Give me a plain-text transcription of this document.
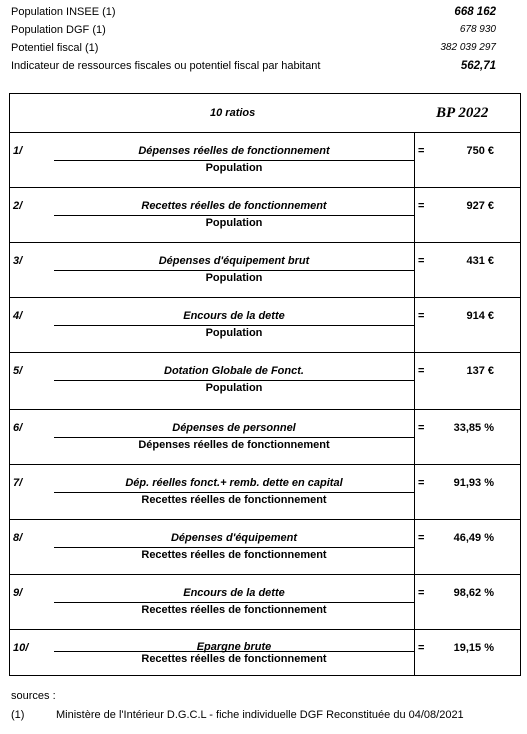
Population INSEE (1)	668 162
Population DGF (1)	678 930
Potentiel fiscal (1)	382 039 297
Indicateur de ressources fiscales ou potentiel fiscal par habitant	562,71
10 ratios	BP 2022
1/	Dépenses réelles de fonctionnement
Population
=	750 €
2/	Recettes réelles de fonctionnement
Population
=	927 €
3/	Dépenses d'équipement brut
Population
=	431 €
4/	Encours de la dette
Population
=	914 €
5/	Dotation Globale de Fonct.
Population
=	137 €
6/	Dépenses de personnel
Dépenses réelles de fonctionnement
=	33,85 %
7/	Dép. réelles fonct.+ remb. dette en capital
Recettes réelles de fonctionnement
=	91,93 %
8/	Dépenses d'équipement
Recettes réelles de fonctionnement
=	46,49 %
9/	Encours de la dette
Recettes réelles de fonctionnement
=	98,62 %
10/	Epargne brute
Recettes réelles de fonctionnement
=	19,15 %
sources :
(1)	Ministère de l'Intérieur D.G.C.L - fiche individuelle DGF Reconstituée du 04/08/2021
